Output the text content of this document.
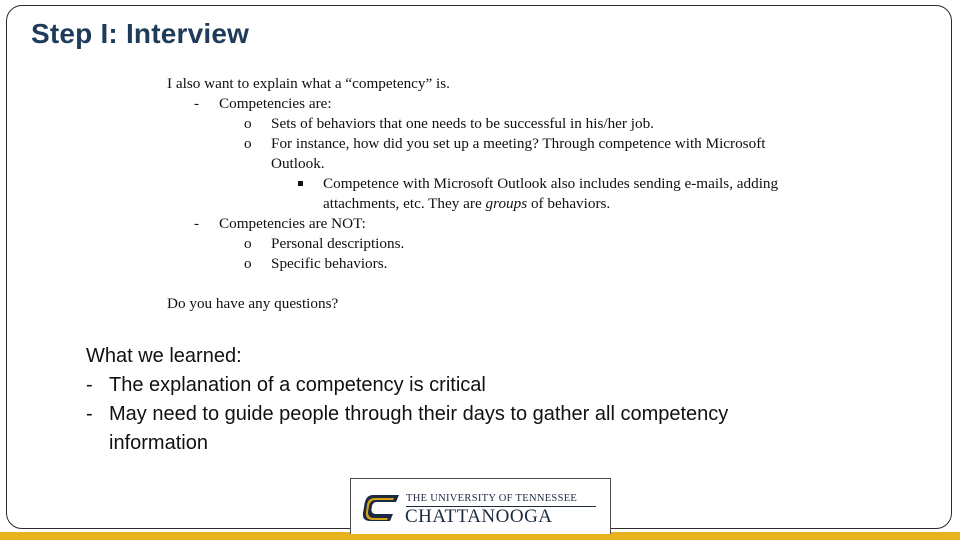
Step I: Interview
I also want to explain what a “competency” is.
- Competencies are:
o Sets of behaviors that one needs to be successful in his/her job.
o For instance, how did you set up a meeting? Through competence with Microsoft
Outlook.
Competence with Microsoft Outlook also includes sending e-mails, adding
attachments, etc. They are groups of behaviors.
- Competencies are NOT:
o Personal descriptions.
o Specific behaviors.
Do you have any questions?
What we learned:
- The explanation of a competency is critical
- May need to guide people through their days to gather all competency
information
THE UNIVERSITY OF TENNESSEE
CHATTANOOGA
